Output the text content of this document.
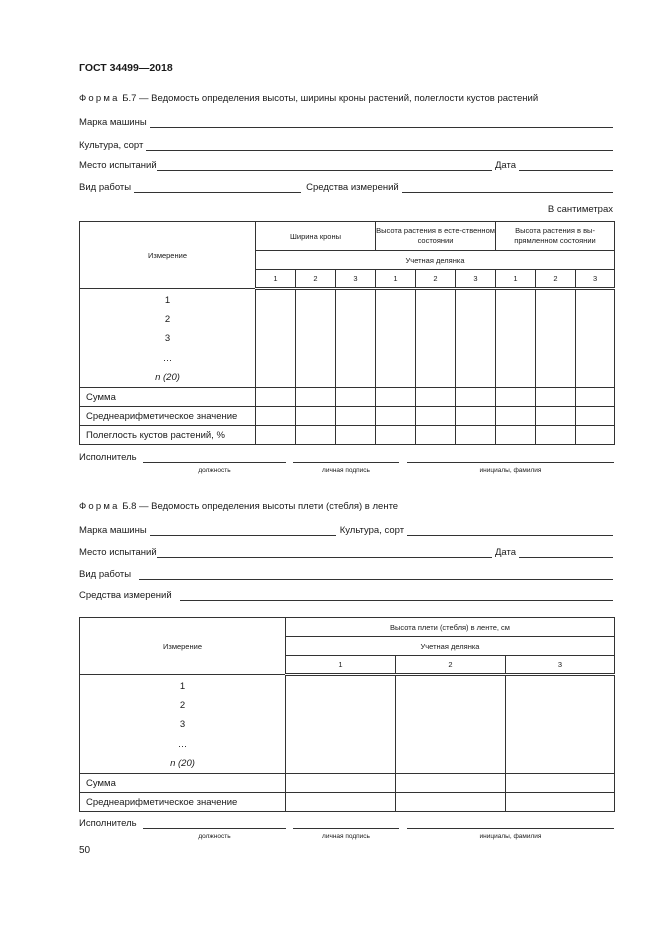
ГОСТ 34499—2018
Форма Б.7 — Ведомость определения высоты, ширины кроны растений, полеглости кустов растений
Марка машины
Культура, сорт
Место испытаний	Дата
Вид работы	Средства измерений
В сантиметрах
Измерение	Ширина кроны			Высота растения в есте-ственном состоянии			Высота растения в вы-прямленном состоянии		
	Учетная делянка								
	1	2	3	1	2	3	1	2	3

1
2
3
…
n (20)									

Сумма									
Среднеарифметическое значение									
Полеглость кустов растений, %									
Исполнитель
должность	личная подпись	инициалы, фамилия
Форма Б.8 — Ведомость определения высоты плети (стебля) в ленте
Марка машины	Культура, сорт
Место испытаний	Дата
Вид работы
Средства измерений
Измерение	Высота плети (стебля) в ленте, см		
	Учетная делянка		
	1	2	3

1
2
3
…
n (20)			

Сумма			
Среднеарифметическое значение			
Исполнитель
должность	личная подпись	инициалы, фамилия
50
